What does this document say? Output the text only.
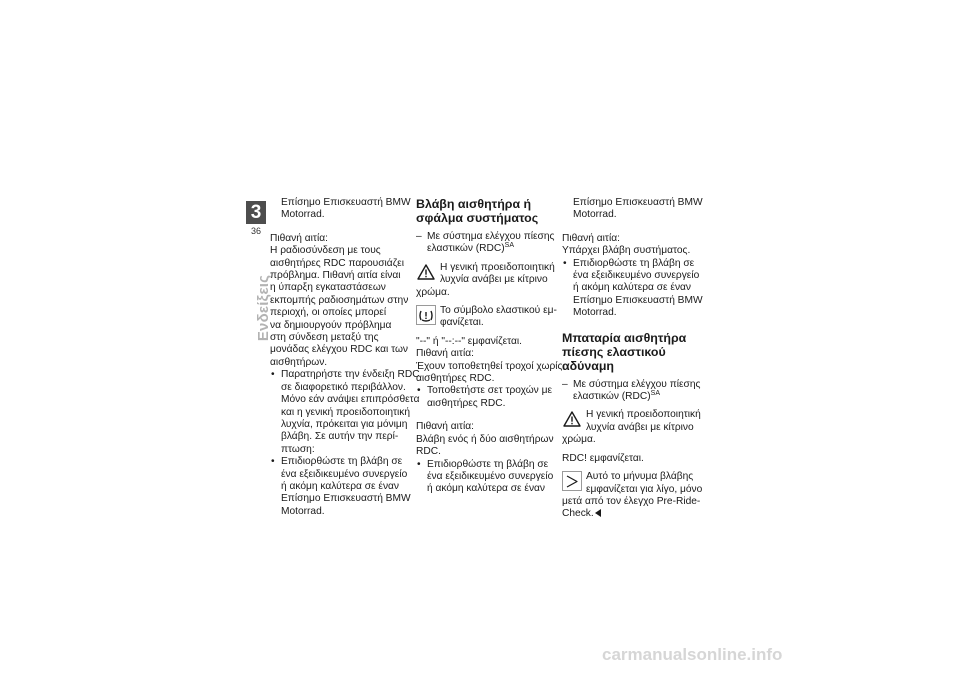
3
36
Ενδείξεις
Επίσημο Επισκευαστή BMW
Motorrad.
Πιθανή αιτία:
Η ραδιοσύνδεση με τους
αισθητήρες RDC παρουσιάζει
πρόβλημα. Πιθανή αιτία είναι
η ύπαρξη εγκαταστάσεων
εκπομπής ραδιοσημάτων στην
περιοχή, οι οποίες μπορεί
να δημιουργούν πρόβλημα
στη σύνδεση μεταξύ της
μονάδας ελέγχου RDC και των
αισθητήρων.
• Παρατηρήστε την ένδειξη RDC
σε διαφορετικό περιβάλλον.
Μόνο εάν ανάψει επιπρόσθετα
και η γενική προειδοποιητική
λυχνία, πρόκειται για μόνιμη
βλάβη. Σε αυτήν την περί-
πτωση:
• Επιδιορθώστε τη βλάβη σε
ένα εξειδικευμένο συνεργείο
ή ακόμη καλύτερα σε έναν
Επίσημο Επισκευαστή BMW
Motorrad.
Βλάβη αισθητήρα ή
σφάλμα συστήματος
– Με σύστημα ελέγχου πίεσης
ελαστικών (RDC)$^{SA}$
Η γενική προειδοποιητική
λυχνία ανάβει με κίτρινο
χρώμα.
Το σύμβολο ελαστικού εμ-
φανίζεται.
"--" ή "--:--" εμφανίζεται.
Πιθανή αιτία:
Έχουν τοποθετηθεί τροχοί χωρίς
αισθητήρες RDC.
• Τοποθετήστε σετ τροχών με
αισθητήρες RDC.
Πιθανή αιτία:
Βλάβη ενός ή δύο αισθητήρων
RDC.
• Επιδιορθώστε τη βλάβη σε
ένα εξειδικευμένο συνεργείο
ή ακόμη καλύτερα σε έναν
Επίσημο Επισκευαστή BMW
Motorrad.
Πιθανή αιτία:
Υπάρχει βλάβη συστήματος.
• Επιδιορθώστε τη βλάβη σε
ένα εξειδικευμένο συνεργείο
ή ακόμη καλύτερα σε έναν
Επίσημο Επισκευαστή BMW
Motorrad.
Μπαταρία αισθητήρα
πίεσης ελαστικού
αδύναμη
– Με σύστημα ελέγχου πίεσης
ελαστικών (RDC)$^{SA}$
Η γενική προειδοποιητική
λυχνία ανάβει με κίτρινο
χρώμα.
RDC! εμφανίζεται.
Αυτό το μήνυμα βλάβης
εμφανίζεται για λίγο, μόνο
μετά από τον έλεγχο Pre-Ride-
Check.
carmanualsonline.info
